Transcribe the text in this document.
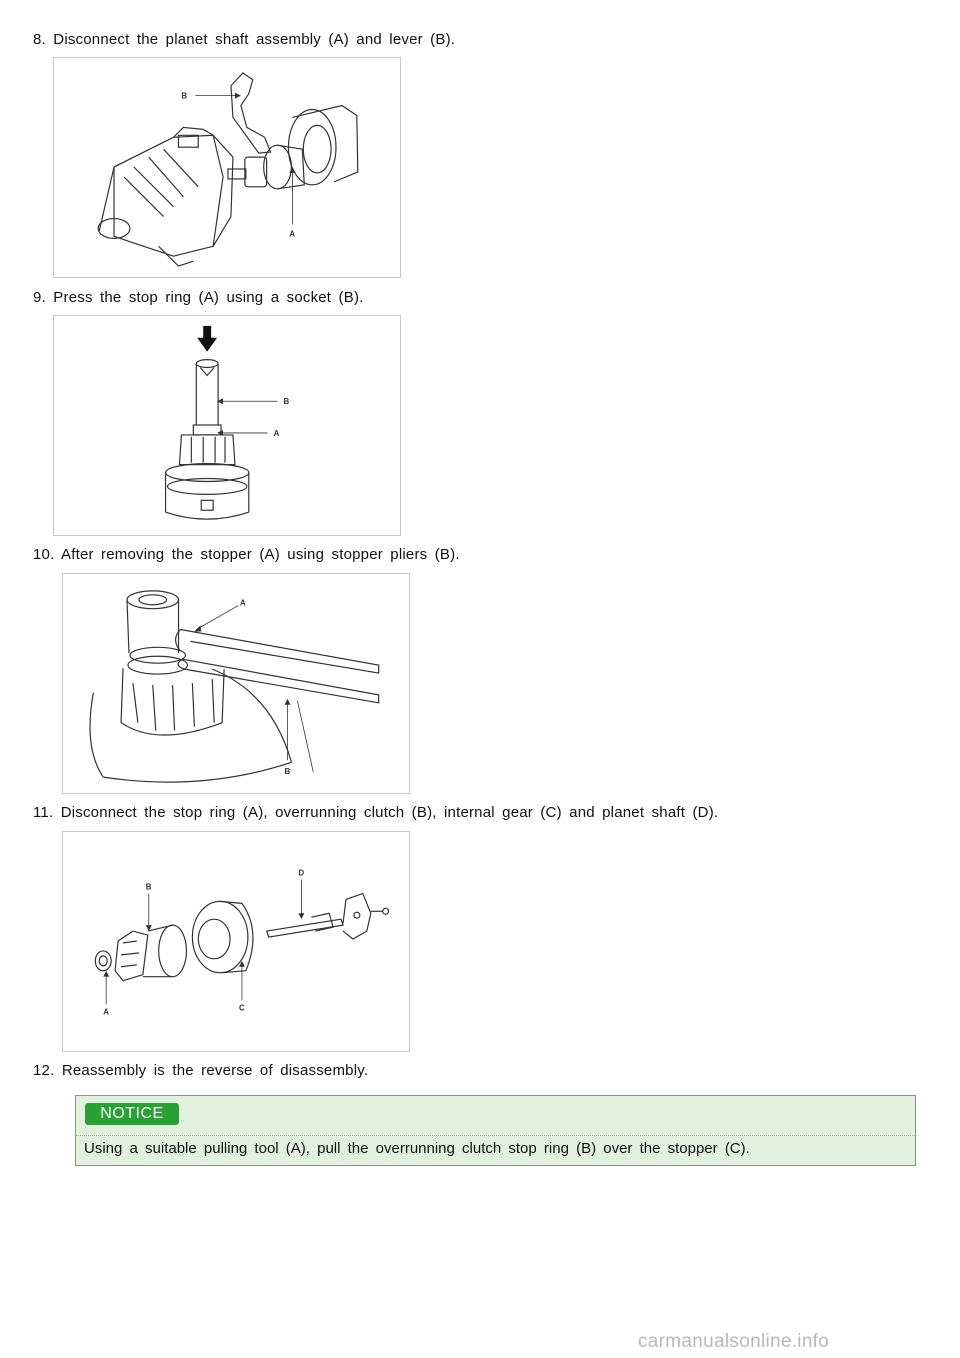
8. Disconnect the planet shaft assembly (A) and lever (B).
B
A
9. Press the stop ring (A) using a socket (B).
B
A
10. After removing the stopper (A) using stopper pliers (B).
A
B
11. Disconnect the stop ring (A), overrunning clutch (B), internal gear (C) and planet shaft (D).
A
B
C
D
12. Reassembly is the reverse of disassembly.
NOTICE
Using a suitable pulling tool (A), pull the overrunning clutch stop ring (B) over the stopper (C).
carmanualsonline.info
